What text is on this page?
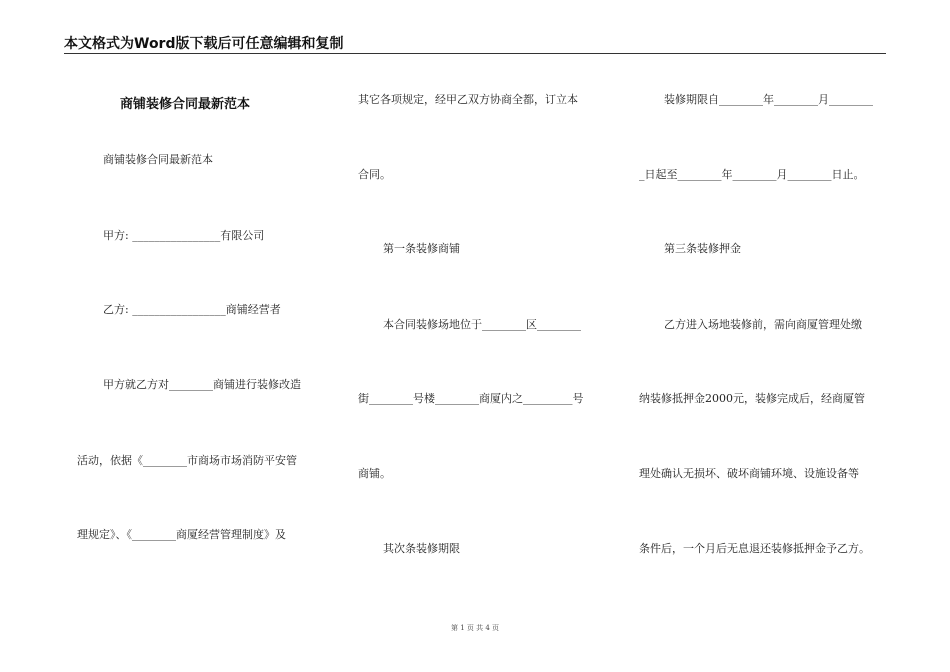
本文格式为Word版下载后可任意编辑和复制
商铺装修合同最新范本
商铺装修合同最新范本
甲方: ________________有限公司
乙方: _________________商铺经营者
甲方就乙方对________商铺进行装修改造
活动，依据《________市商场市场消防平安管
理规定》、《________商厦经营管理制度》及
其它各项规定，经甲乙双方协商全都，订立本
合同。
第一条装修商铺
本合同装修场地位于________区________
街________号楼________商厦内之_________号
商铺。
其次条装修期限
装修期限自________年________月________
_日起至________年________月________日止。
第三条装修押金
乙方进入场地装修前，需向商厦管理处缴
纳装修抵押金2000元，装修完成后，经商厦管
理处确认无损坏、破坏商铺环境、设施设备等
条件后，一个月后无息退还装修抵押金予乙方。
第 1 页 共 4 页
